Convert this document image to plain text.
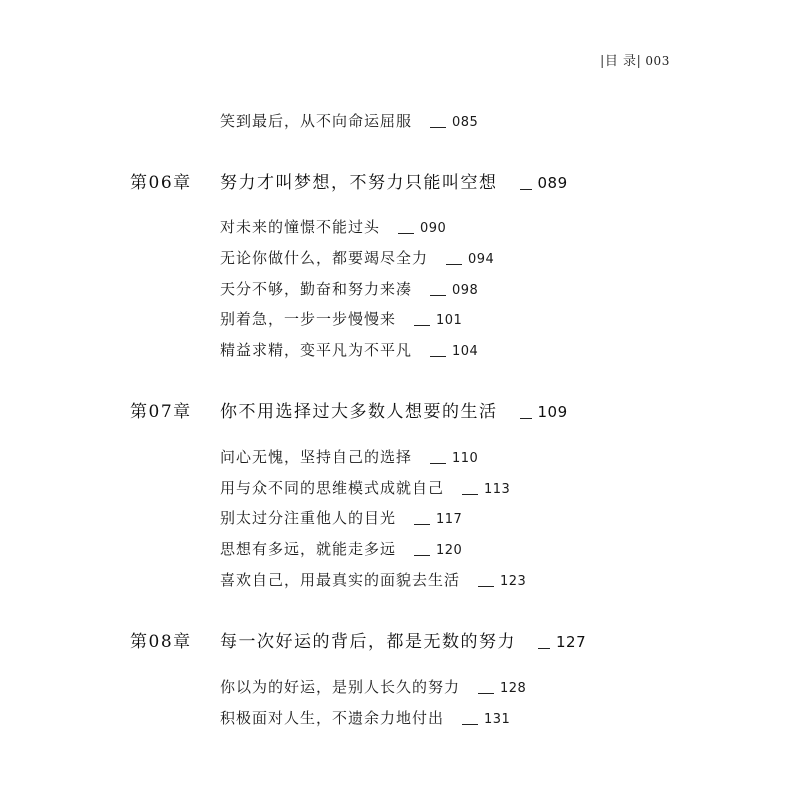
|目 录| 003
笑到最后，从不向命运屈服	085
第06章 努力才叫梦想，不努力只能叫空想	089
对未来的憧憬不能过头	090
无论你做什么，都要竭尽全力	094
天分不够，勤奋和努力来凑	098
别着急，一步一步慢慢来	101
精益求精，变平凡为不平凡	104
第07章 你不用选择过大多数人想要的生活	109
问心无愧，坚持自己的选择	110
用与众不同的思维模式成就自己	113
别太过分注重他人的目光	117
思想有多远，就能走多远	120
喜欢自己，用最真实的面貌去生活	123
第08章 每一次好运的背后，都是无数的努力	127
你以为的好运，是别人长久的努力	128
积极面对人生，不遗余力地付出	131
